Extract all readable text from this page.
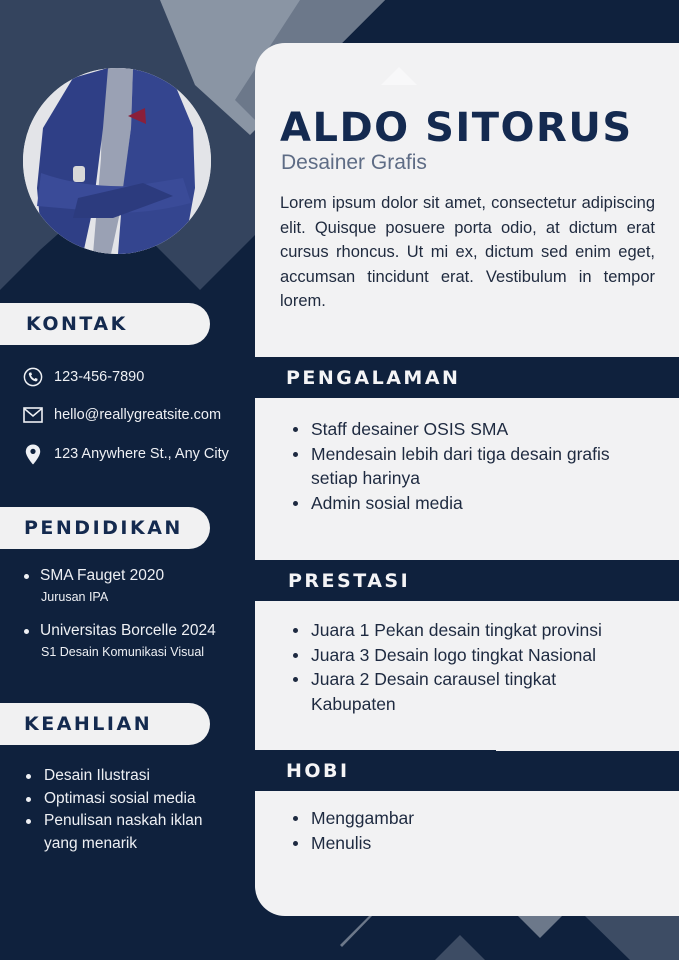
KONTAK
123-456-7890
hello@reallygreatsite.com
123 Anywhere St., Any City
PENDIDIKAN
SMA Fauget 2020
Jurusan IPA
Universitas Borcelle 2024
S1 Desain Komunikasi Visual
KEAHLIAN
Desain Ilustrasi
Optimasi sosial media
Penulisan naskah iklan yang menarik
ALDO SITORUS
Desainer Grafis

Lorem ipsum dolor sit amet, consectetur adipiscing elit. Quisque posuere porta odio, at dictum erat cursus rhoncus. Ut mi ex, dictum sed enim eget, accumsan tincidunt erat. Vestibulum in tempor lorem.

PENGALAMAN
Staff desainer OSIS SMA
Mendesain lebih dari tiga desain grafis setiap harinya
Admin sosial media
PRESTASI
Juara 1 Pekan desain tingkat provinsi
Juara 3 Desain logo tingkat Nasional
Juara 2 Desain carausel tingkat Kabupaten
HOBI
Menggambar
Menulis
